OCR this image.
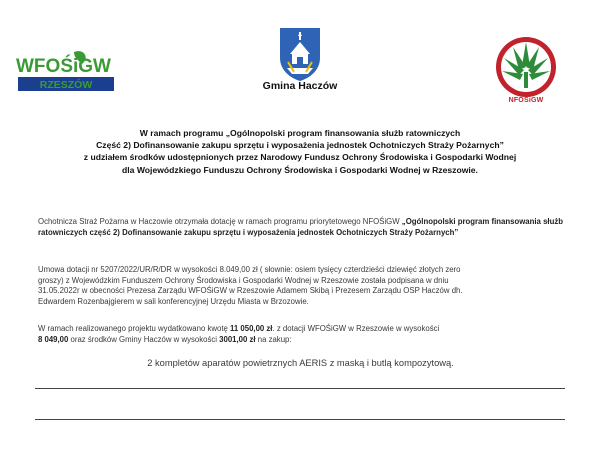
WFOŚiGW
RZESZÓW	Gmina Haczów
NFOŚiGW
W ramach programu „Ogólnopolski program finansowania służb ratowniczych
Część 2) Dofinansowanie zakupu sprzętu i wyposażenia jednostek Ochotniczych Straży Pożarnych”
z udziałem środków udostępnionych przez Narodowy Fundusz Ochrony Środowiska i Gospodarki Wodnej
dla Wojewódzkiego Funduszu Ochrony Środowiska i Gospodarki Wodnej w Rzeszowie.
Ochotnicza Straż Pożarna w Haczowie otrzymała dotację w ramach programu priorytetowego NFOŚiGW „Ogólnopolski program finansowania służb ratowniczych część 2) Dofinansowanie zakupu sprzętu i wyposażenia jednostek Ochotniczych Straży Pożarnych”
Umowa dotacji nr 5207/2022/UR/R/DR w wysokości 8.049,00 zł ( słownie: osiem tysięcy czterdzieści dziewięć złotych zero
groszy) z Wojewódzkim Funduszem Ochrony Środowiska i Gospodarki Wodnej w Rzeszowie została podpisana w dniu
31.05.2022r w obecności Prezesa Zarządu WFOŚiGW w Rzeszowie Adamem Skibą i Prezesem Zarządu OSP Haczów dh.
Edwardem Rozenbajgierem w sali konferencyjnej Urzędu Miasta w Brzozowie.
W ramach realizowanego projektu wydatkowano kwotę 11 050,00 zł. z dotacji WFOŚiGW w Rzeszowie w wysokości
8 049,00 oraz środków Gminy Haczów w wysokości 3001,00 zł na zakup:
2 kompletów aparatów powietrznych AERIS z maską i butlą kompozytową.
